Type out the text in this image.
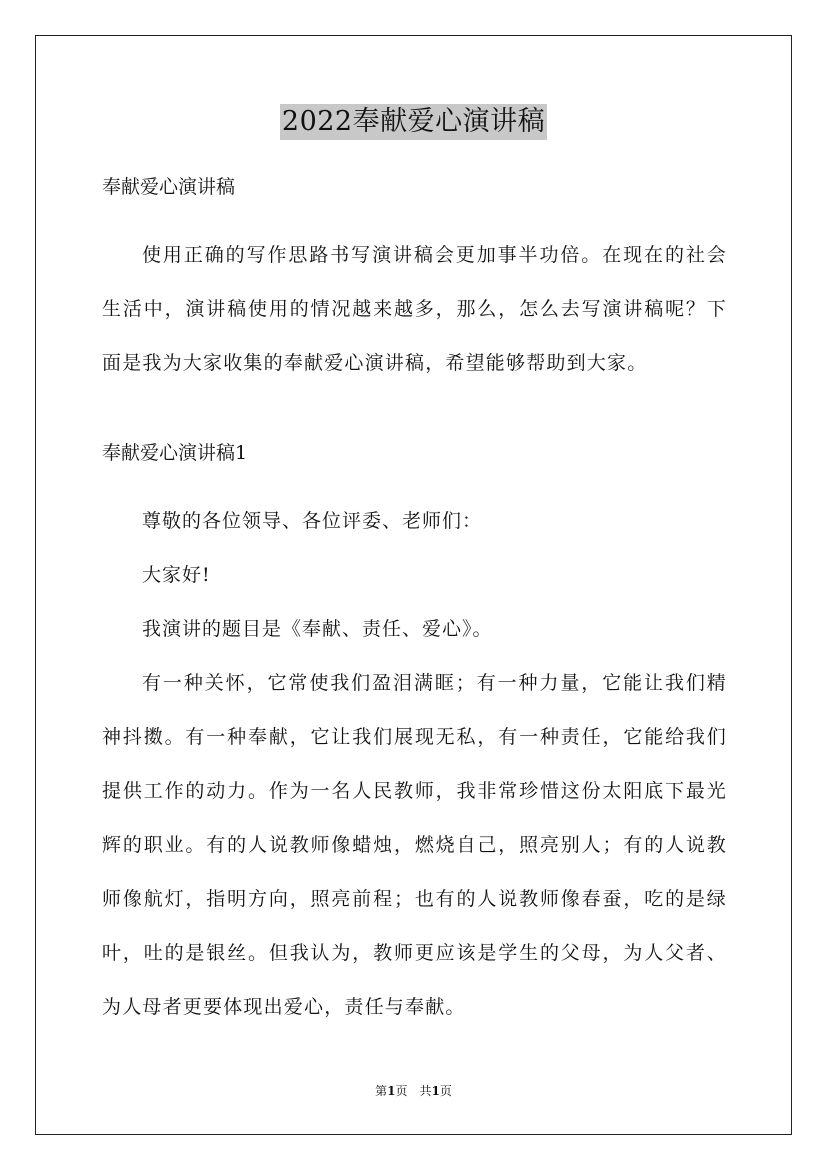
2022奉献爱心演讲稿
奉献爱心演讲稿

使用正确的写作思路书写演讲稿会更加事半功倍。在现在的社会生活中，演讲稿使用的情况越来越多，那么，怎么去写演讲稿呢？下面是我为大家收集的奉献爱心演讲稿，希望能够帮助到大家。

奉献爱心演讲稿1

尊敬的各位领导、各位评委、老师们：

大家好!

我演讲的题目是《奉献、责任、爱心》。

有一种关怀，它常使我们盈泪满眶；有一种力量，它能让我们精神抖擞。有一种奉献，它让我们展现无私，有一种责任，它能给我们提供工作的动力。作为一名人民教师，我非常珍惜这份太阳底下最光辉的职业。有的人说教师像蜡烛，燃烧自己，照亮别人；有的人说教师像航灯，指明方向，照亮前程；也有的人说教师像春蚕，吃的是绿叶，吐的是银丝。但我认为，教师更应该是学生的父母，为人父者、为人母者更要体现出爱心，责任与奉献。

第1页　共1页
